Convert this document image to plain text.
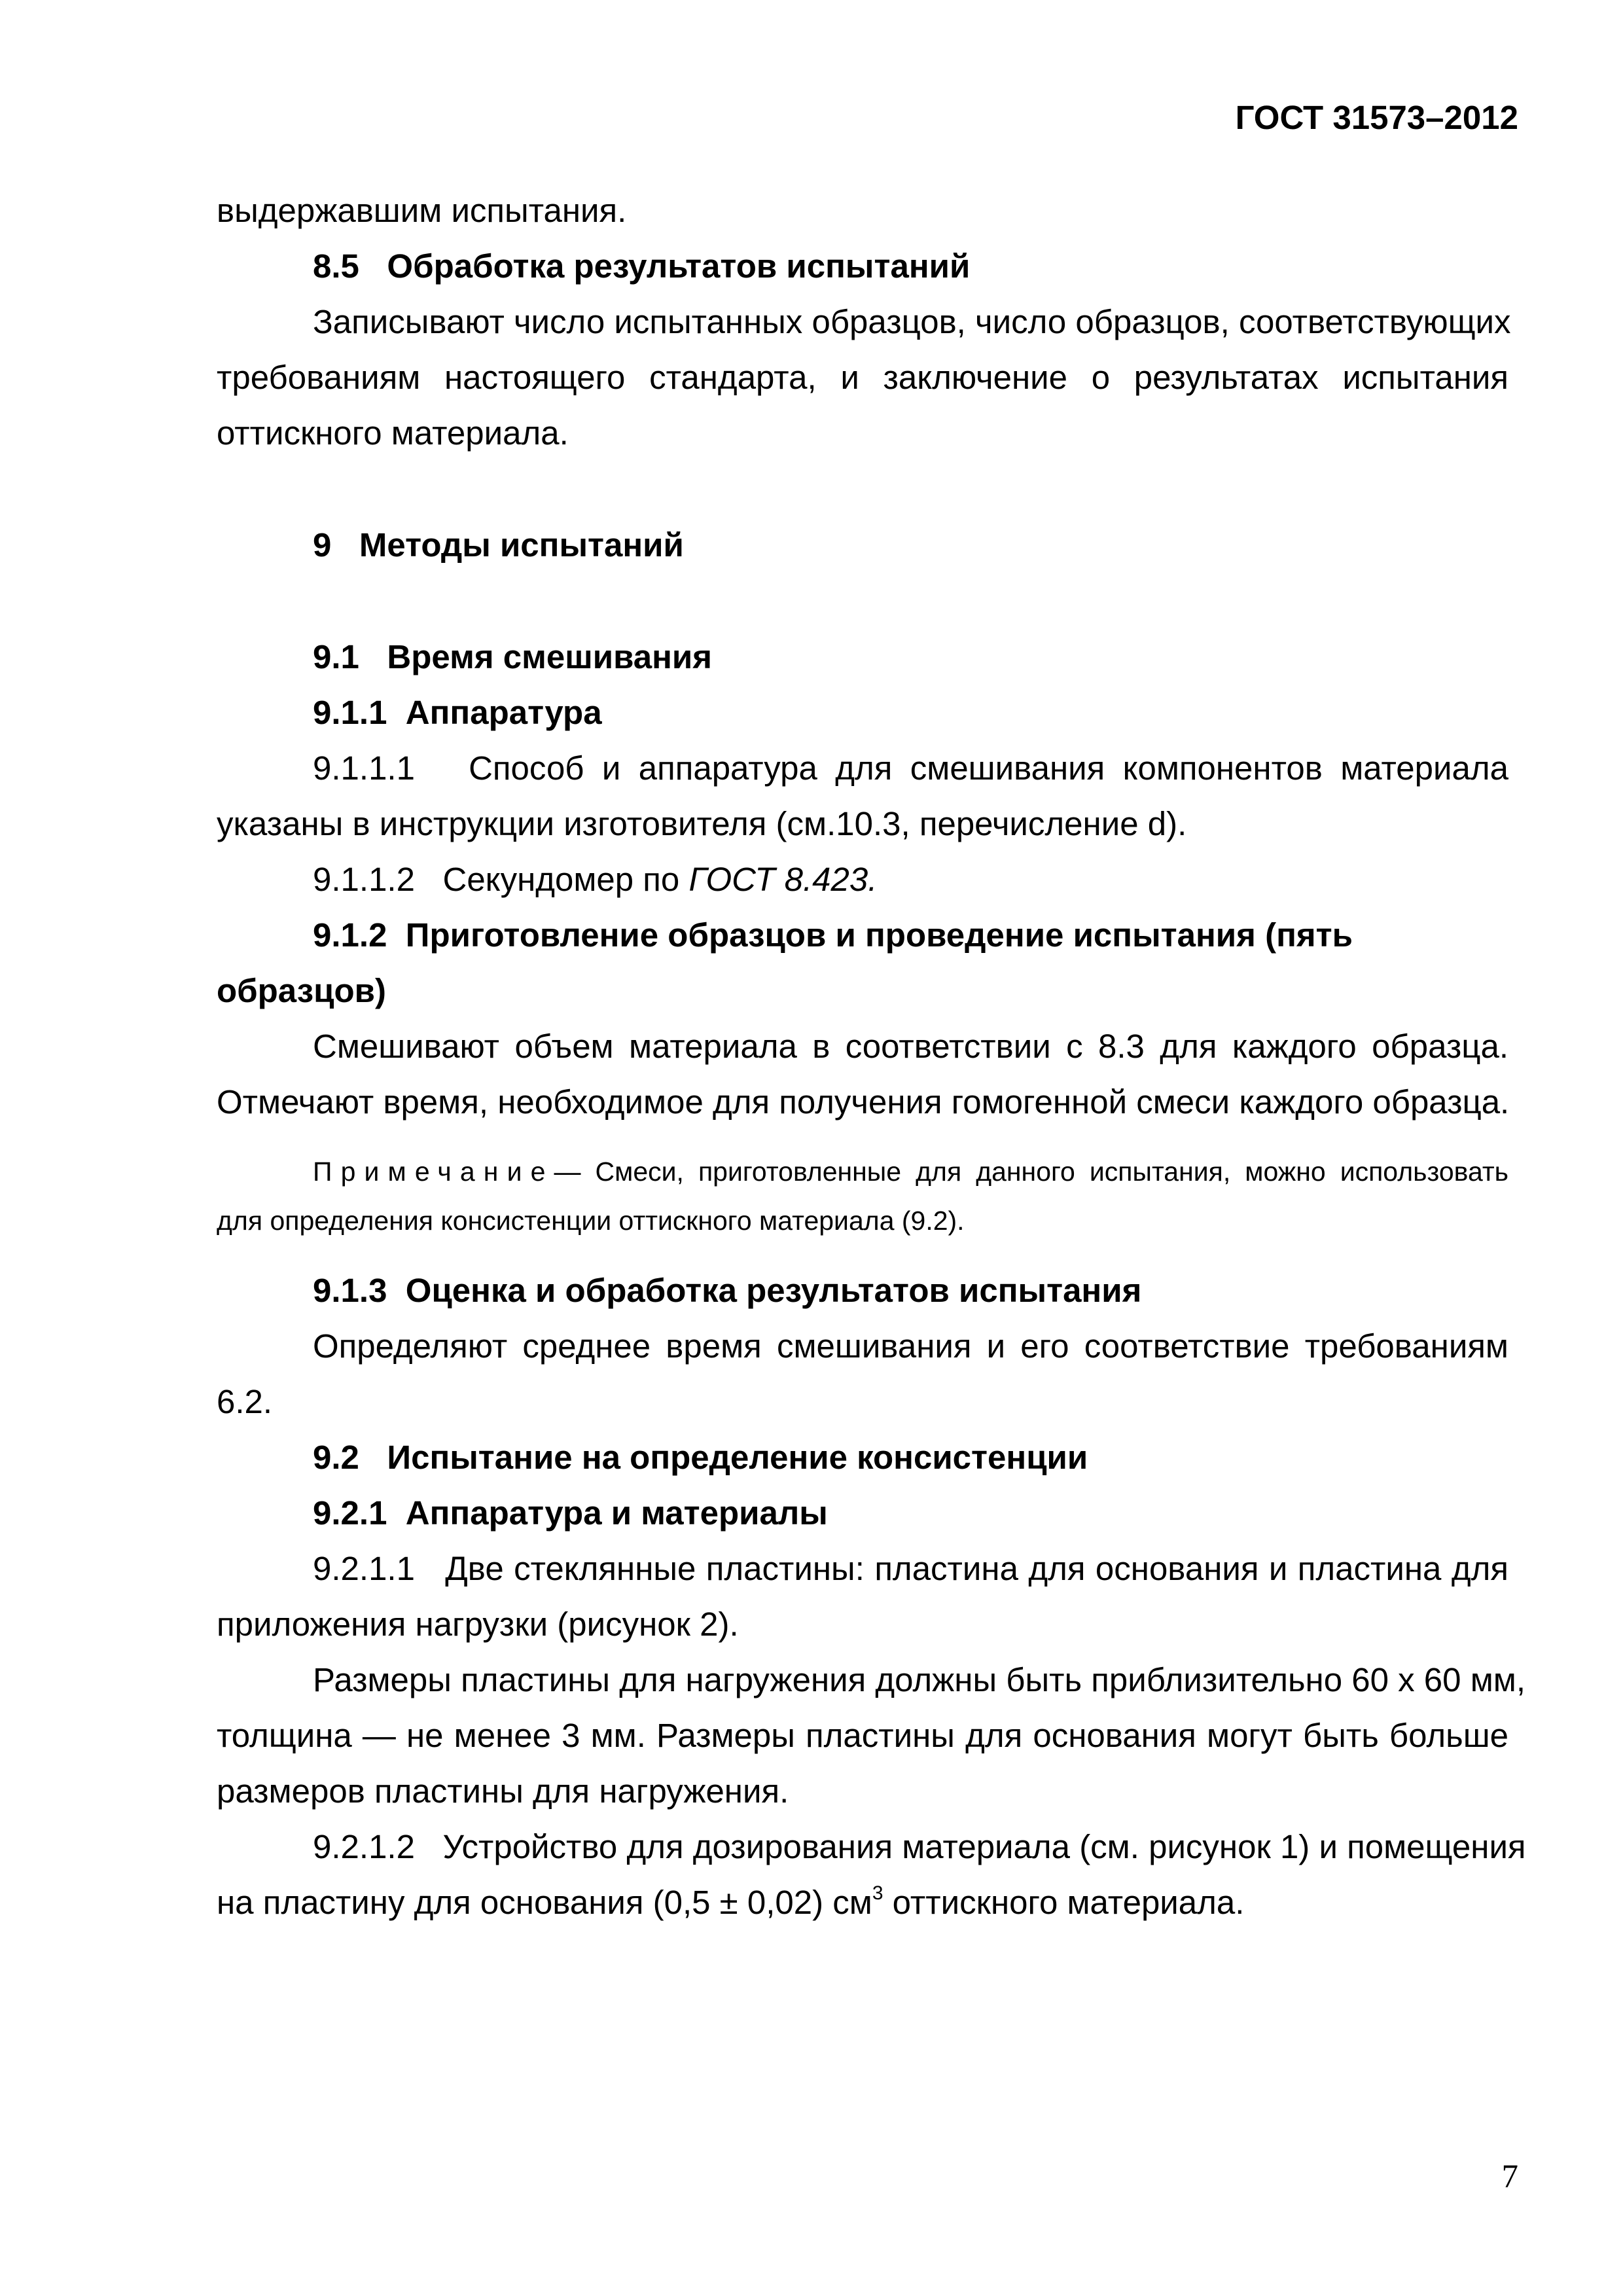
ГОСТ 31573–2012
выдержавшим испытания.
8.5 Обработка результатов испытаний
Записывают число испытанных образцов, число образцов, соответствующих
требованиям настоящего стандарта, и заключение о результатах испытания
оттискного материала.
9 Методы испытаний
9.1 Время смешивания
9.1.1 Аппаратура
9.1.1.1 Способ и аппаратура для смешивания компонентов материала
указаны в инструкции изготовителя (см.10.3, перечисление d).
9.1.1.2 Секундомер по ГОСТ 8.423.
9.1.2 Приготовление образцов и проведение испытания (пять
образцов)
Смешивают объем материала в соответствии с 8.3 для каждого образца.
Отмечают время, необходимое для получения гомогенной смеси каждого образца.
Примечание— Смеси, приготовленные для данного испытания, можно использовать
для определения консистенции оттискного материала (9.2).
9.1.3 Оценка и обработка результатов испытания
Определяют среднее время смешивания и его соответствие требованиям
6.2.
9.2 Испытание на определение консистенции
9.2.1 Аппаратура и материалы
9.2.1.1 Две стеклянные пластины: пластина для основания и пластина для
приложения нагрузки (рисунок 2).
Размеры пластины для нагружения должны быть приблизительно 60 х 60 мм,
толщина — не менее 3 мм. Размеры пластины для основания могут быть больше
размеров пластины для нагружения.
9.2.1.2 Устройство для дозирования материала (см. рисунок 1) и помещения
на пластину для основания (0,5 ± 0,02) $см^3$ оттискного материала.
7
